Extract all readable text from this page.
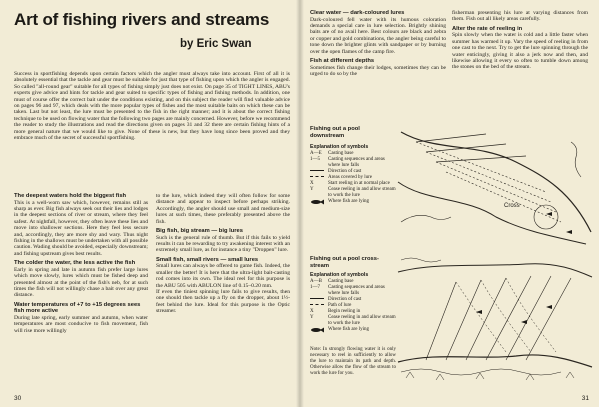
Art of fishing rivers and streams
by Eric Swan
Success in sportfishing depends upon certain factors which the angler must always take into account. First of all it is absolutely essential that the tackle and gear must be suitable for just that type of fishing upon which the angler is engaged. So called "all-round gear" suitable for all types of fishing simply just does not exist. On page 35 of TIGHT LINES, ABU's experts give advice and hints for tackle and gear suited to specific types of fishing and fishing methods. In addition, one must of course offer the correct bait under the conditions existing, and on this subject the reader will find valuable advice on pages 96 and 97, which deals with the more popular types of fishes and the most suitable baits on which these can be taken. Last but not least, the lure must be presented to the fish in the right manner; and it is about the correct fishing technique to be used on flowing water that the following two pages are mainly concerned. However, before we recommend the reader to study the illustrations and read the directions given on pages 31 and 32 there are certain fishing hints of a more general nature that we would like to give. None of these is new, but they have long since been proved and they embrace much of the secret of successful sportfishing.
The deepest waters hold the biggest fish
This is a well-worn saw which, however, remains still as sharp as ever. Big fish always seek out their lies and lodges in the deepest sections of river or stream, where they feel safest. At nightfall, however, they often leave these lies and move into shallower sections. Here they feel less secure and, accordingly, they are more shy and wary. Thus night fishing in the shallows must be undertaken with all possible caution. Wading should be avoided, especially downstream; and fishing upstream gives best results.
The colder the water, the less active the fish
Early in spring and late in autumn fish prefer large lures which move slowly, lures which must be fished deep and presented almost at the point of the fish's neb, for at such times the fish will not willingly chase a bait over any great distance.
Water temperatures of +7 to +15 degrees sees fish more active
During late spring, early summer and autumn, when water temperatures are most conducive to fish movement, fish will rise more willingly
to the lure, which indeed they will often follow for some distance and appear to inspect before perhaps striking. Accordingly, the angler should use small and medium-size lures at such times, these preferably presented above the fish.
Big fish, big stream — big lures
Such is the general rule of thumb. But if this fails to yield results it can be rewarding to try awakening interest with an extremely small lure, as for instance a tiny "Droppen" lure.
Small fish, small rivers — small lures
Small lures can always be offered to game fish. Indeed, the smaller the better! It is here that the ultra-light bait-casting rod comes into its own. The ideal reel for this purpose is the ABU 505 with ABULON line of 0.15–0.20 mm.
If even the tiniest spinning lure fails to give results, then one should then tackle up a fly on the dropper, about 1½-feet behind the lure. Ideal for this purpose is the Optic streamer.
30
Clear water — dark-coloured lures
Dark-coloured fell water with its humous coloration demands a special care in lure selection. Brightly shining baits are of no avail here. Best colours are black and zebra or copper and gold combinations, the angler being careful to tone down the brighter glints with sandpaper or by burning over the open flames of the camp fire.
Fish at different depths
Sometimes fish change their lodges, sometimes they can be urged to do so by the
fisherman presenting his lure at varying distances from them. Fish out all likely areas carefully.
Alter the rate of reeling in
Spin slowly when the water is cold and a little faster when summer has warmed it up. Vary the speed of reeling in from one cast to the next. Try to get the lure spinning through the water enticingly, giving it also a jerk now and then, and likewise allowing it every so often to tumble down among the stones on the bed of the stream.
Fishing out a pool downstream
Explanation of symbols
A—E	Casting base
1—5	Casting sequences and areas where lure falls
Direction of cast
Areas covered by lure
X	Start reeling in at normal place
Y	Cease reeling in and allow stream to work the lure
Where fish are lying
Cross
Fishing out a pool cross-stream
Explanation of symbols
A—B	Casting base
1—7	Casting sequences and areas where lure falls
Direction of cast
Path of lure
X	Begin reeling in
Y	Cease reeling in and allow stream to work the lure
Where fish are lying
Note: In strongly flowing water it is only necessary to reel in sufficiently to allow the lure to maintain its path and depth. Otherwise allow the flow of the stream to work the lure for you.
31
